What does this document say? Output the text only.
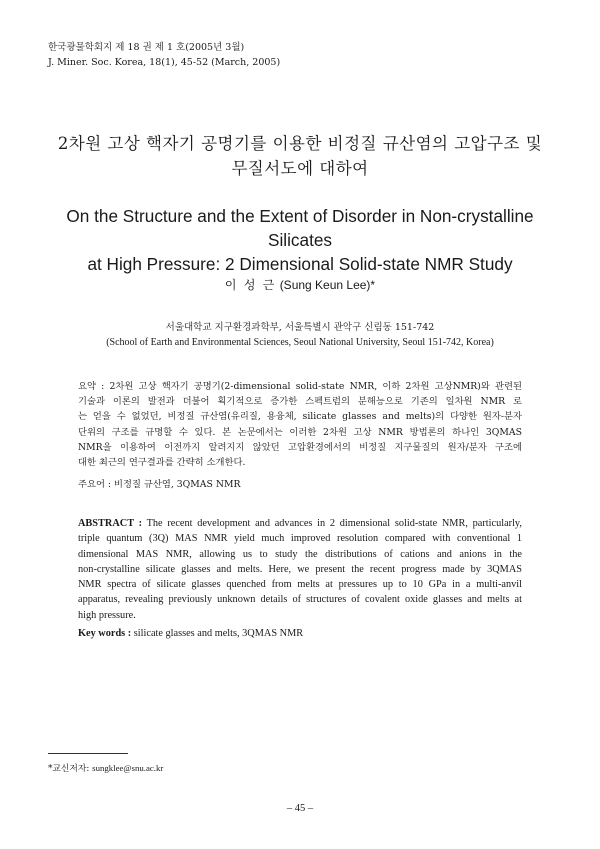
한국광물학회지 제 18 권 제 1 호(2005년 3월)
J. Miner. Soc. Korea, 18(1), 45-52 (March, 2005)
2차원 고상 핵자기 공명기를 이용한 비정질 규산염의 고압구조 및
무질서도에 대하여
On the Structure and the Extent of Disorder in Non-crystalline Silicates
at High Pressure: 2 Dimensional Solid-state NMR Study
이 성 근 (Sung Keun Lee)*
서울대학교 지구환경과학부, 서울특별시 관악구 신림동 151-742
(School of Earth and Environmental Sciences, Seoul National University, Seoul 151-742, Korea)
요약 : 2차원 고상 핵자기 공명기(2-dimensional solid-state NMR, 이하 2차원 고상NMR)와 관련된
기술과 이론의 발전과 더불어 획기적으로 증가한 스펙트럼의 분해능으로 기존의 일차원 NMR 로
는 얻을 수 없었던, 비정질 규산염(유리질, 용융체, silicate glasses and melts)의 다양한 원자-분자
단위의 구조를 규명할 수 있다. 본 논문에서는 이러한 2차원 고상 NMR 방법론의 하나인 3QMAS
NMR을 이용하여 이전까지 알려지지 않았던 고압환경에서의 비정질 지구물질의 원자/분자 구조에
대한 최근의 연구결과를 간략히 소개한다.
주요어 : 비정질 규산염, 3QMAS NMR
ABSTRACT : The recent development and advances in 2 dimensional solid-state NMR, particularly,
triple quantum (3Q) MAS NMR yield much improved resolution compared with conventional 1
dimensional MAS NMR, allowing us to study the distributions of cations and anions in the
non-crystalline silicate glasses and melts. Here, we present the recent progress made by 3QMAS
NMR spectra of silicate glasses quenched from melts at pressures up to 10 GPa in a multi-anvil
apparatus, revealing previously unknown details of structures of covalent oxide glasses and melts at
high pressure.
Key words : silicate glasses and melts, 3QMAS NMR
*교신저자: sungklee@snu.ac.kr
– 45 –
